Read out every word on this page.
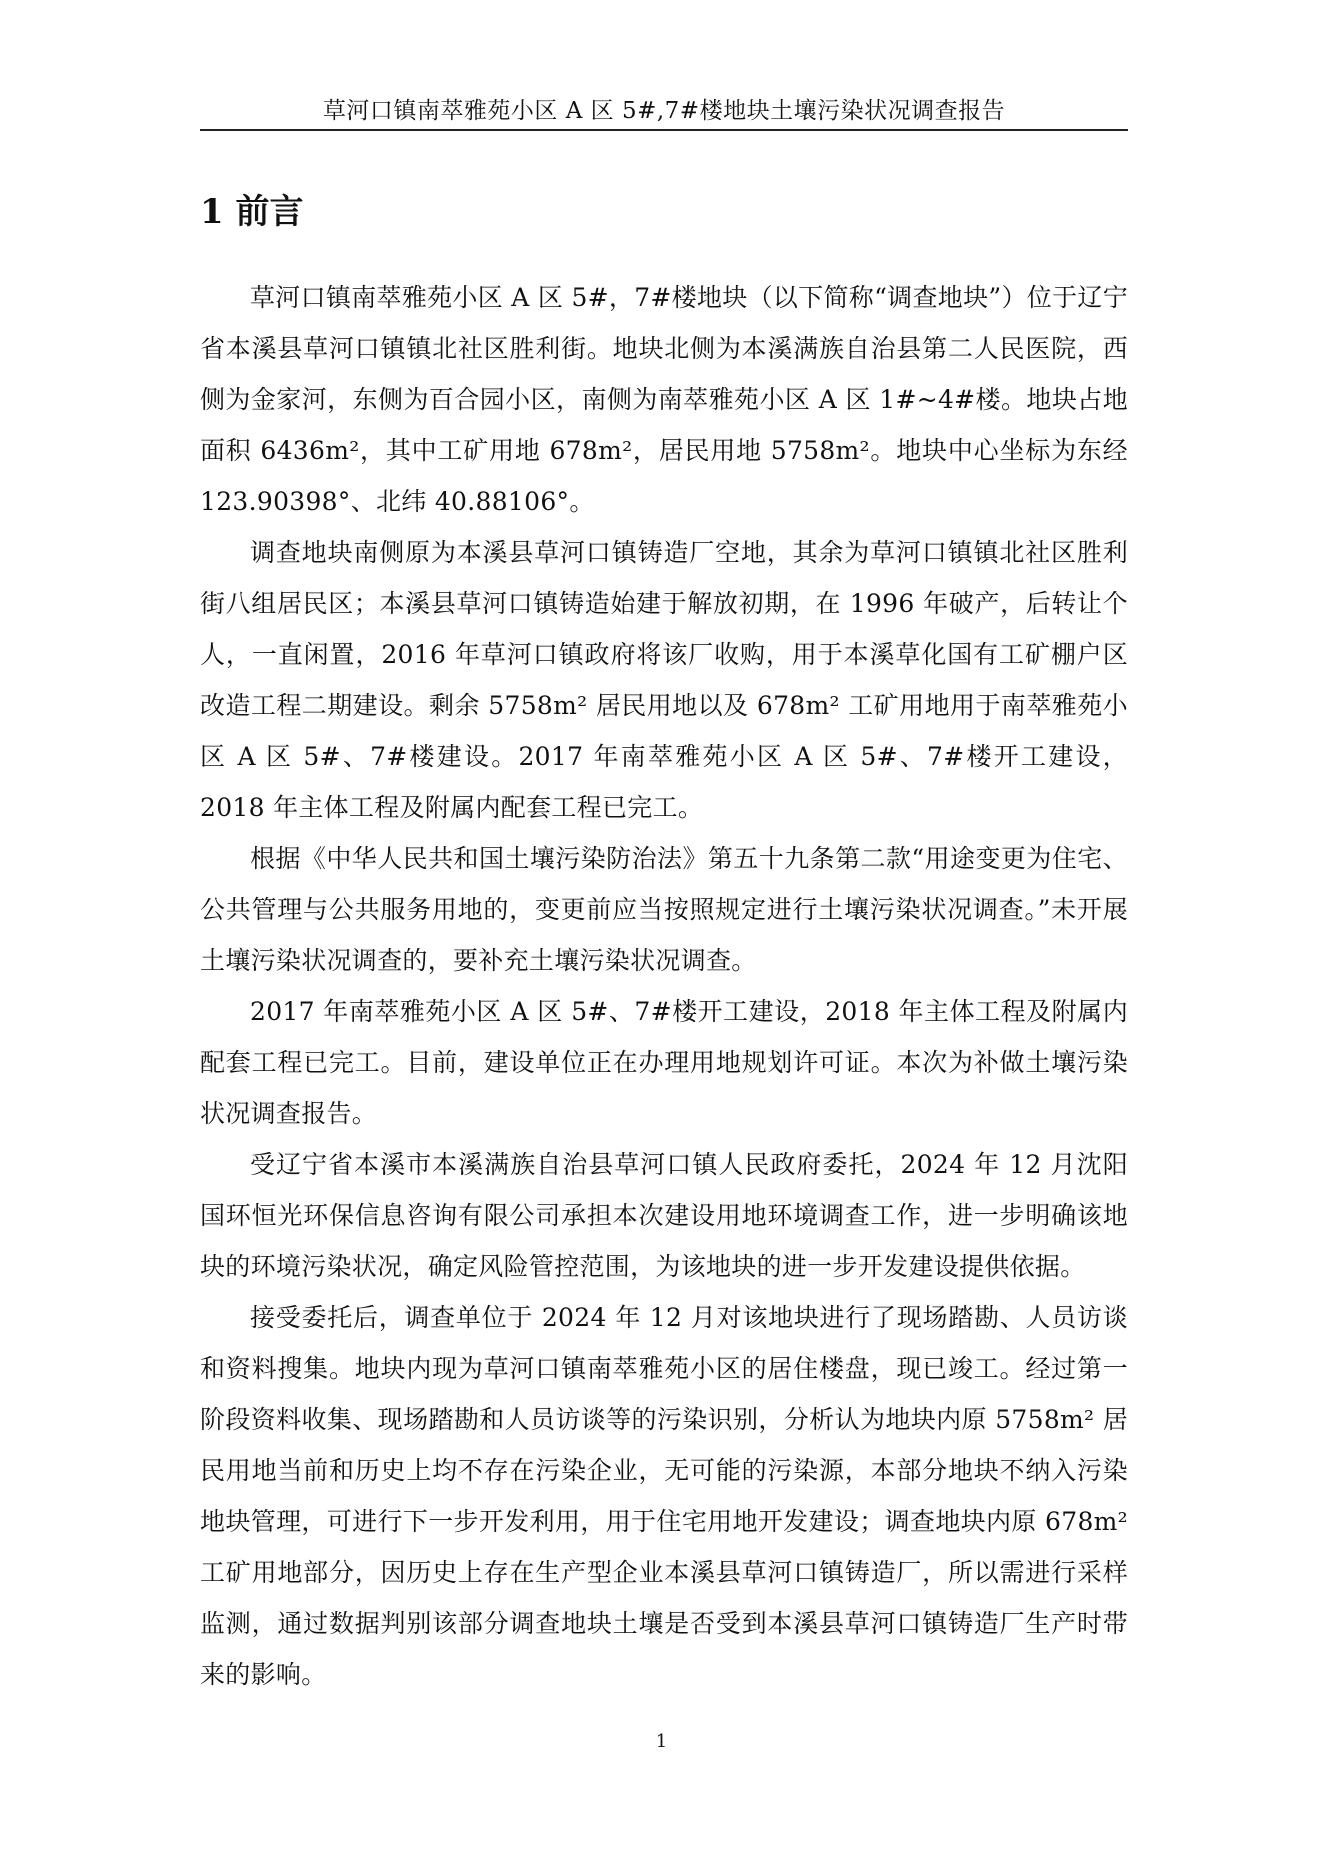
草河口镇南萃雅苑小区 A 区 5#,7#楼地块土壤污染状况调查报告
1 前言

草河口镇南萃雅苑小区 A 区 5#，7#楼地块（以下简称“调查地块”）位于辽宁省本溪县草河口镇镇北社区胜利街。地块北侧为本溪满族自治县第二人民医院，西侧为金家河，东侧为百合园小区，南侧为南萃雅苑小区 A 区 1#~4#楼。地块占地面积 6436m²，其中工矿用地 678m²，居民用地 5758m²。地块中心坐标为东经 123.90398°、北纬 40.88106°。

调查地块南侧原为本溪县草河口镇铸造厂空地，其余为草河口镇镇北社区胜利街八组居民区；本溪县草河口镇铸造始建于解放初期，在 1996 年破产，后转让个人，一直闲置，2016 年草河口镇政府将该厂收购，用于本溪草化国有工矿棚户区改造工程二期建设。剩余 5758m² 居民用地以及 678m² 工矿用地用于南萃雅苑小区 A 区 5#、7#楼建设。2017 年南萃雅苑小区 A 区 5#、7#楼开工建设，2018 年主体工程及附属内配套工程已完工。

根据《中华人民共和国土壤污染防治法》第五十九条第二款“用途变更为住宅、公共管理与公共服务用地的，变更前应当按照规定进行土壤污染状况调查。”未开展土壤污染状况调查的，要补充土壤污染状况调查。

2017 年南萃雅苑小区 A 区 5#、7#楼开工建设，2018 年主体工程及附属内配套工程已完工。目前，建设单位正在办理用地规划许可证。本次为补做土壤污染状况调查报告。

受辽宁省本溪市本溪满族自治县草河口镇人民政府委托，2024 年 12 月沈阳国环恒光环保信息咨询有限公司承担本次建设用地环境调查工作，进一步明确该地块的环境污染状况，确定风险管控范围，为该地块的进一步开发建设提供依据。

接受委托后，调查单位于 2024 年 12 月对该地块进行了现场踏勘、人员访谈和资料搜集。地块内现为草河口镇南萃雅苑小区的居住楼盘，现已竣工。经过第一阶段资料收集、现场踏勘和人员访谈等的污染识别，分析认为地块内原 5758m² 居民用地当前和历史上均不存在污染企业，无可能的污染源，本部分地块不纳入污染地块管理，可进行下一步开发利用，用于住宅用地开发建设；调查地块内原 678m² 工矿用地部分，因历史上存在生产型企业本溪县草河口镇铸造厂，所以需进行采样监测，通过数据判别该部分调查地块土壤是否受到本溪县草河口镇铸造厂生产时带来的影响。

1
